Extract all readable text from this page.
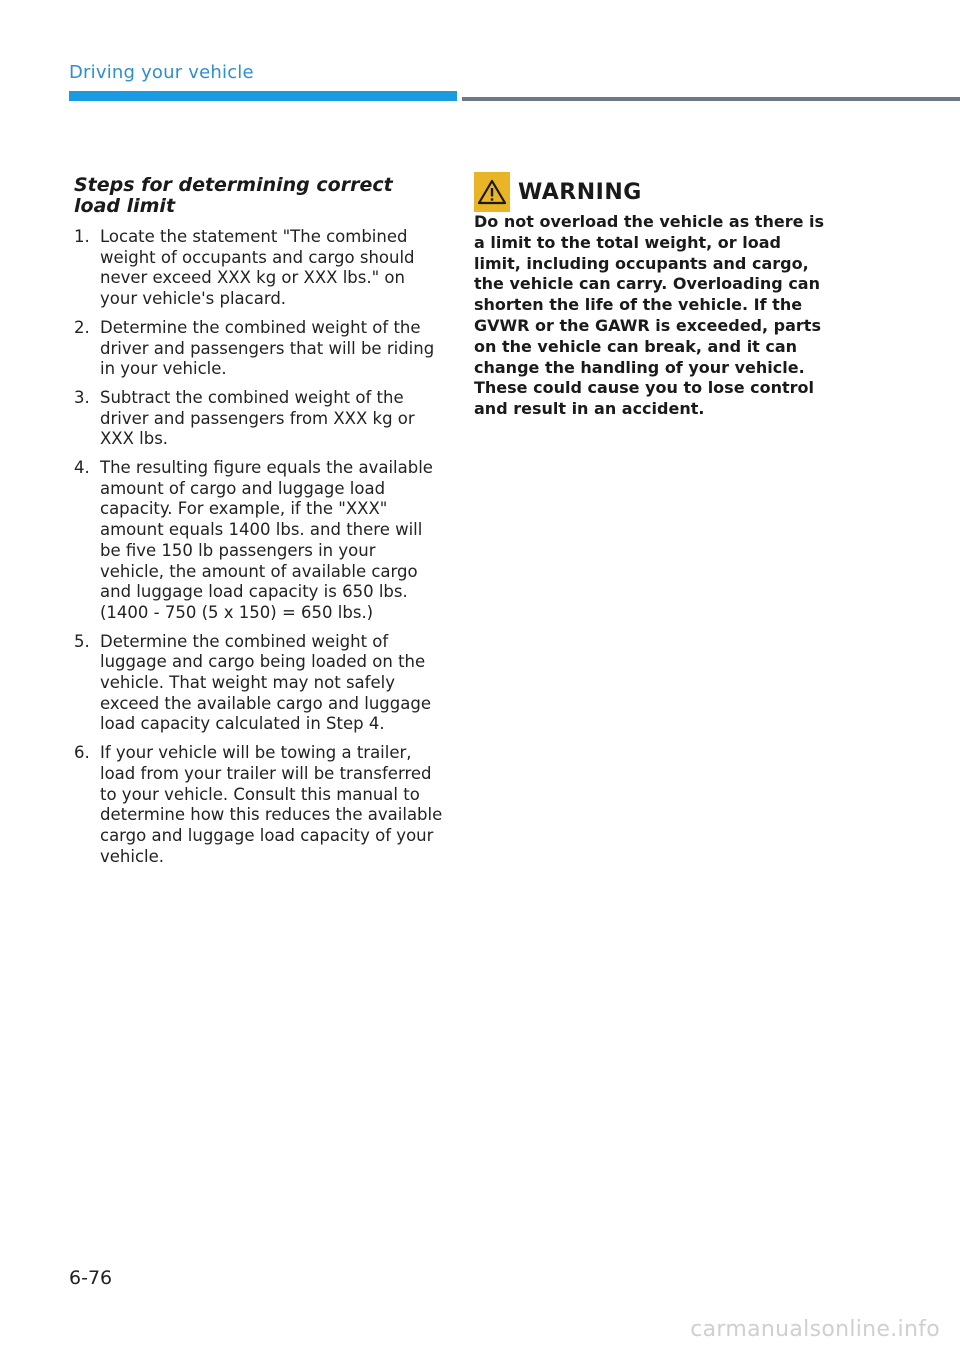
Driving your vehicle
Steps for determining correct load limit
1. Locate the statement "The combined weight of occupants and cargo should never exceed XXX kg or XXX lbs." on your vehicle's placard.
2. Determine the combined weight of the driver and passengers that will be riding in your vehicle.
3. Subtract the combined weight of the driver and passengers from XXX kg or XXX lbs.
4. The resulting figure equals the available amount of cargo and luggage load capacity. For example, if the "XXX" amount equals 1400 lbs. and there will be five 150 lb passengers in your vehicle, the amount of available cargo and luggage load capacity is 650 lbs. (1400 - 750 (5 x 150) = 650 lbs.)
5. Determine the combined weight of luggage and cargo being loaded on the vehicle. That weight may not safely exceed the available cargo and luggage load capacity calculated in Step 4.
6. If your vehicle will be towing a trailer, load from your trailer will be transferred to your vehicle. Consult this manual to determine how this reduces the available cargo and luggage load capacity of your vehicle.
WARNING

Do not overload the vehicle as there is a limit to the total weight, or load limit, including occupants and cargo, the vehicle can carry. Overloading can shorten the life of the vehicle. If the GVWR or the GAWR is exceeded, parts on the vehicle can break, and it can change the handling of your vehicle. These could cause you to lose control and result in an accident.

6-76
carmanualsonline.info
